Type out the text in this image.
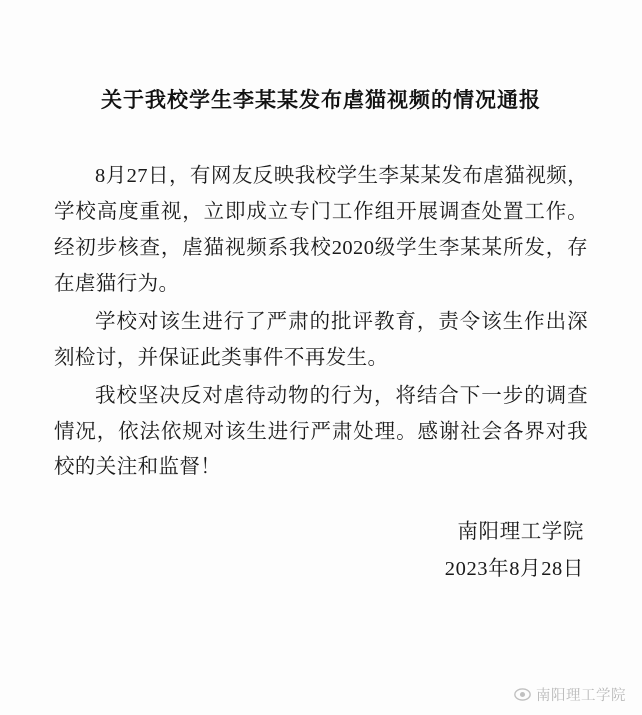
关于我校学生李某某发布虐猫视频的情况通报

8月27日，有网友反映我校学生李某某发布虐猫视频，学校高度重视，立即成立专门工作组开展调查处置工作。经初步核查，虐猫视频系我校2020级学生李某某所发，存在虐猫行为。

学校对该生进行了严肃的批评教育，责令该生作出深刻检讨，并保证此类事件不再发生。

我校坚决反对虐待动物的行为，将结合下一步的调查情况，依法依规对该生进行严肃处理。感谢社会各界对我校的关注和监督！

南阳理工学院
2023年8月28日
南阳理工学院
